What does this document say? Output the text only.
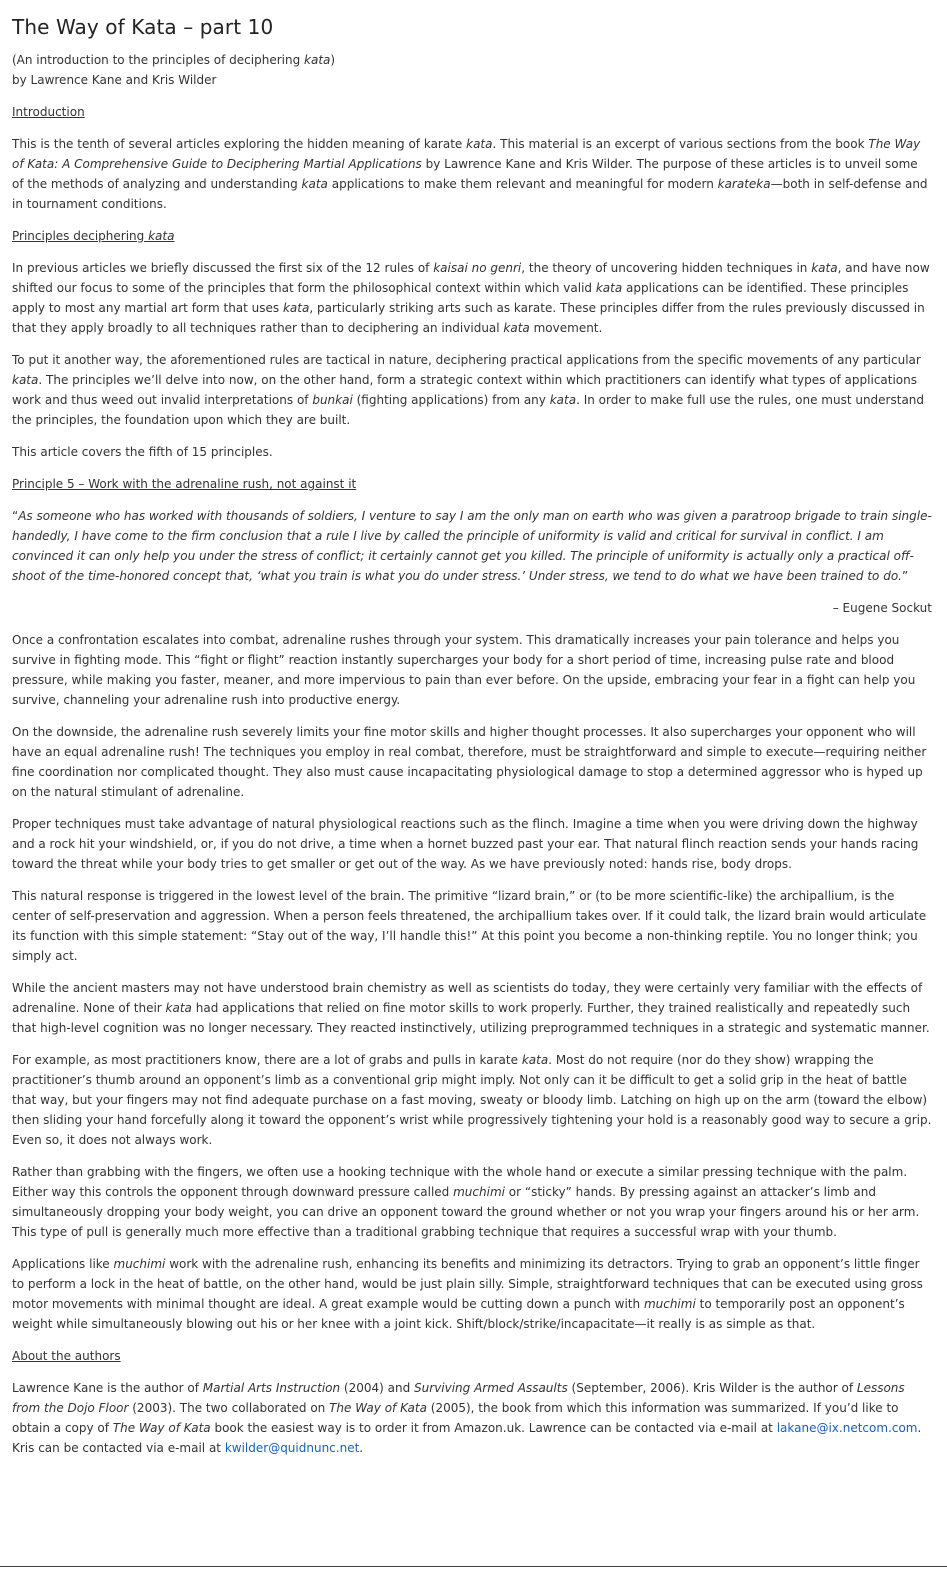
The Way of Kata – part 10
(An introduction to the principles of deciphering kata)
by Lawrence Kane and Kris Wilder
Introduction

This is the tenth of several articles exploring the hidden meaning of karate kata. This material is an excerpt of various sections from the book The Way of Kata: A Comprehensive Guide to Deciphering Martial Applications by Lawrence Kane and Kris Wilder. The purpose of these articles is to unveil some of the methods of analyzing and understanding kata applications to make them relevant and meaningful for modern karateka—both in self-defense and in tournament conditions.

Principles deciphering kata

In previous articles we briefly discussed the first six of the 12 rules of kaisai no genri, the theory of uncovering hidden techniques in kata, and have now shifted our focus to some of the principles that form the philosophical context within which valid kata applications can be identified. These principles apply to most any martial art form that uses kata, particularly striking arts such as karate. These principles differ from the rules previously discussed in that they apply broadly to all techniques rather than to deciphering an individual kata movement.

To put it another way, the aforementioned rules are tactical in nature, deciphering practical applications from the specific movements of any particular kata. The principles we’ll delve into now, on the other hand, form a strategic context within which practitioners can identify what types of applications work and thus weed out invalid interpretations of bunkai (fighting applications) from any kata. In order to make full use the rules, one must understand the principles, the foundation upon which they are built.

This article covers the fifth of 15 principles.

Principle 5 – Work with the adrenaline rush, not against it

“As someone who has worked with thousands of soldiers, I venture to say I am the only man on earth who was given a paratroop brigade to train single-handedly, I have come to the firm conclusion that a rule I live by called the principle of uniformity is valid and critical for survival in conflict. I am convinced it can only help you under the stress of conflict; it certainly cannot get you killed. The principle of uniformity is actually only a practical off-shoot of the time-honored concept that, ‘what you train is what you do under stress.’ Under stress, we tend to do what we have been trained to do.”

– Eugene Sockut

Once a confrontation escalates into combat, adrenaline rushes through your system. This dramatically increases your pain tolerance and helps you survive in fighting mode. This “fight or flight” reaction instantly supercharges your body for a short period of time, increasing pulse rate and blood pressure, while making you faster, meaner, and more impervious to pain than ever before. On the upside, embracing your fear in a fight can help you survive, channeling your adrenaline rush into productive energy.

On the downside, the adrenaline rush severely limits your fine motor skills and higher thought processes. It also supercharges your opponent who will have an equal adrenaline rush! The techniques you employ in real combat, therefore, must be straightforward and simple to execute—requiring neither fine coordination nor complicated thought. They also must cause incapacitating physiological damage to stop a determined aggressor who is hyped up on the natural stimulant of adrenaline.

Proper techniques must take advantage of natural physiological reactions such as the flinch. Imagine a time when you were driving down the highway and a rock hit your windshield, or, if you do not drive, a time when a hornet buzzed past your ear. That natural flinch reaction sends your hands racing toward the threat while your body tries to get smaller or get out of the way. As we have previously noted: hands rise, body drops.

This natural response is triggered in the lowest level of the brain. The primitive “lizard brain,” or (to be more scientific-like) the archipallium, is the center of self-preservation and aggression. When a person feels threatened, the archipallium takes over. If it could talk, the lizard brain would articulate its function with this simple statement: “Stay out of the way, I’ll handle this!” At this point you become a non-thinking reptile. You no longer think; you simply act.

While the ancient masters may not have understood brain chemistry as well as scientists do today, they were certainly very familiar with the effects of adrenaline. None of their kata had applications that relied on fine motor skills to work properly. Further, they trained realistically and repeatedly such that high-level cognition was no longer necessary. They reacted instinctively, utilizing preprogrammed techniques in a strategic and systematic manner.

For example, as most practitioners know, there are a lot of grabs and pulls in karate kata. Most do not require (nor do they show) wrapping the practitioner’s thumb around an opponent’s limb as a conventional grip might imply. Not only can it be difficult to get a solid grip in the heat of battle that way, but your fingers may not find adequate purchase on a fast moving, sweaty or bloody limb. Latching on high up on the arm (toward the elbow) then sliding your hand forcefully along it toward the opponent’s wrist while progressively tightening your hold is a reasonably good way to secure a grip. Even so, it does not always work.

Rather than grabbing with the fingers, we often use a hooking technique with the whole hand or execute a similar pressing technique with the palm. Either way this controls the opponent through downward pressure called muchimi or “sticky” hands. By pressing against an attacker’s limb and simultaneously dropping your body weight, you can drive an opponent toward the ground whether or not you wrap your fingers around his or her arm. This type of pull is generally much more effective than a traditional grabbing technique that requires a successful wrap with your thumb.

Applications like muchimi work with the adrenaline rush, enhancing its benefits and minimizing its detractors. Trying to grab an opponent’s little finger to perform a lock in the heat of battle, on the other hand, would be just plain silly. Simple, straightforward techniques that can be executed using gross motor movements with minimal thought are ideal. A great example would be cutting down a punch with muchimi to temporarily post an opponent’s weight while simultaneously blowing out his or her knee with a joint kick. Shift/block/strike/incapacitate—it really is as simple as that.

About the authors

Lawrence Kane is the author of Martial Arts Instruction (2004) and Surviving Armed Assaults (September, 2006). Kris Wilder is the author of Lessons from the Dojo Floor (2003). The two collaborated on The Way of Kata (2005), the book from which this information was summarized. If you’d like to obtain a copy of The Way of Kata book the easiest way is to order it from Amazon.uk. Lawrence can be contacted via e-mail at lakane@ix.netcom.com. Kris can be contacted via e-mail at kwilder@quidnunc.net.
